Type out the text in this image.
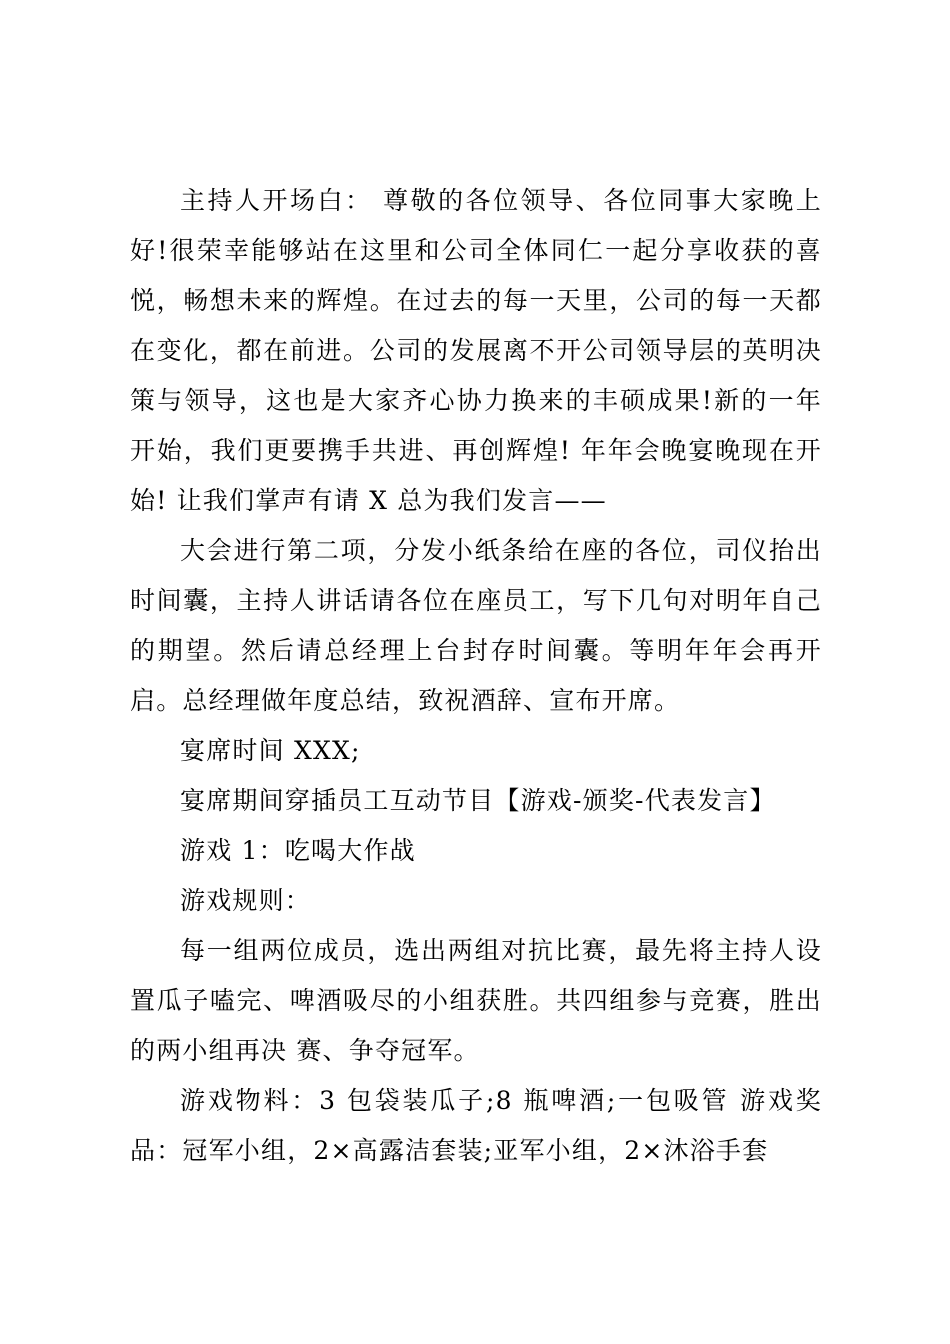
主持人开场白： 尊敬的各位领导、各位同事大家晚上好!很荣幸能够站在这里和公司全体同仁一起分享收获的喜悦，畅想未来的辉煌。在过去的每一天里，公司的每一天都在变化，都在前进。公司的发展离不开公司领导层的英明决策与领导，这也是大家齐心协力换来的丰硕成果!新的一年开始，我们更要携手共进、再创辉煌! 年年会晚宴晚现在开始! 让我们掌声有请 X 总为我们发言——

大会进行第二项，分发小纸条给在座的各位，司仪抬出时间囊，主持人讲话请各位在座员工，写下几句对明年自己的期望。然后请总经理上台封存时间囊。等明年年会再开启。总经理做年度总结，致祝酒辞、宣布开席。

宴席时间 XXX;

宴席期间穿插员工互动节目【游戏-颁奖-代表发言】

游戏 1：吃喝大作战

游戏规则：

每一组两位成员，选出两组对抗比赛，最先将主持人设置瓜子嗑完、啤酒吸尽的小组获胜。共四组参与竞赛，胜出的两小组再决 赛、争夺冠军。

游戏物料：3 包袋装瓜子;8 瓶啤酒;一包吸管 游戏奖品：冠军小组，2×高露洁套装;亚军小组，2×沐浴手套
